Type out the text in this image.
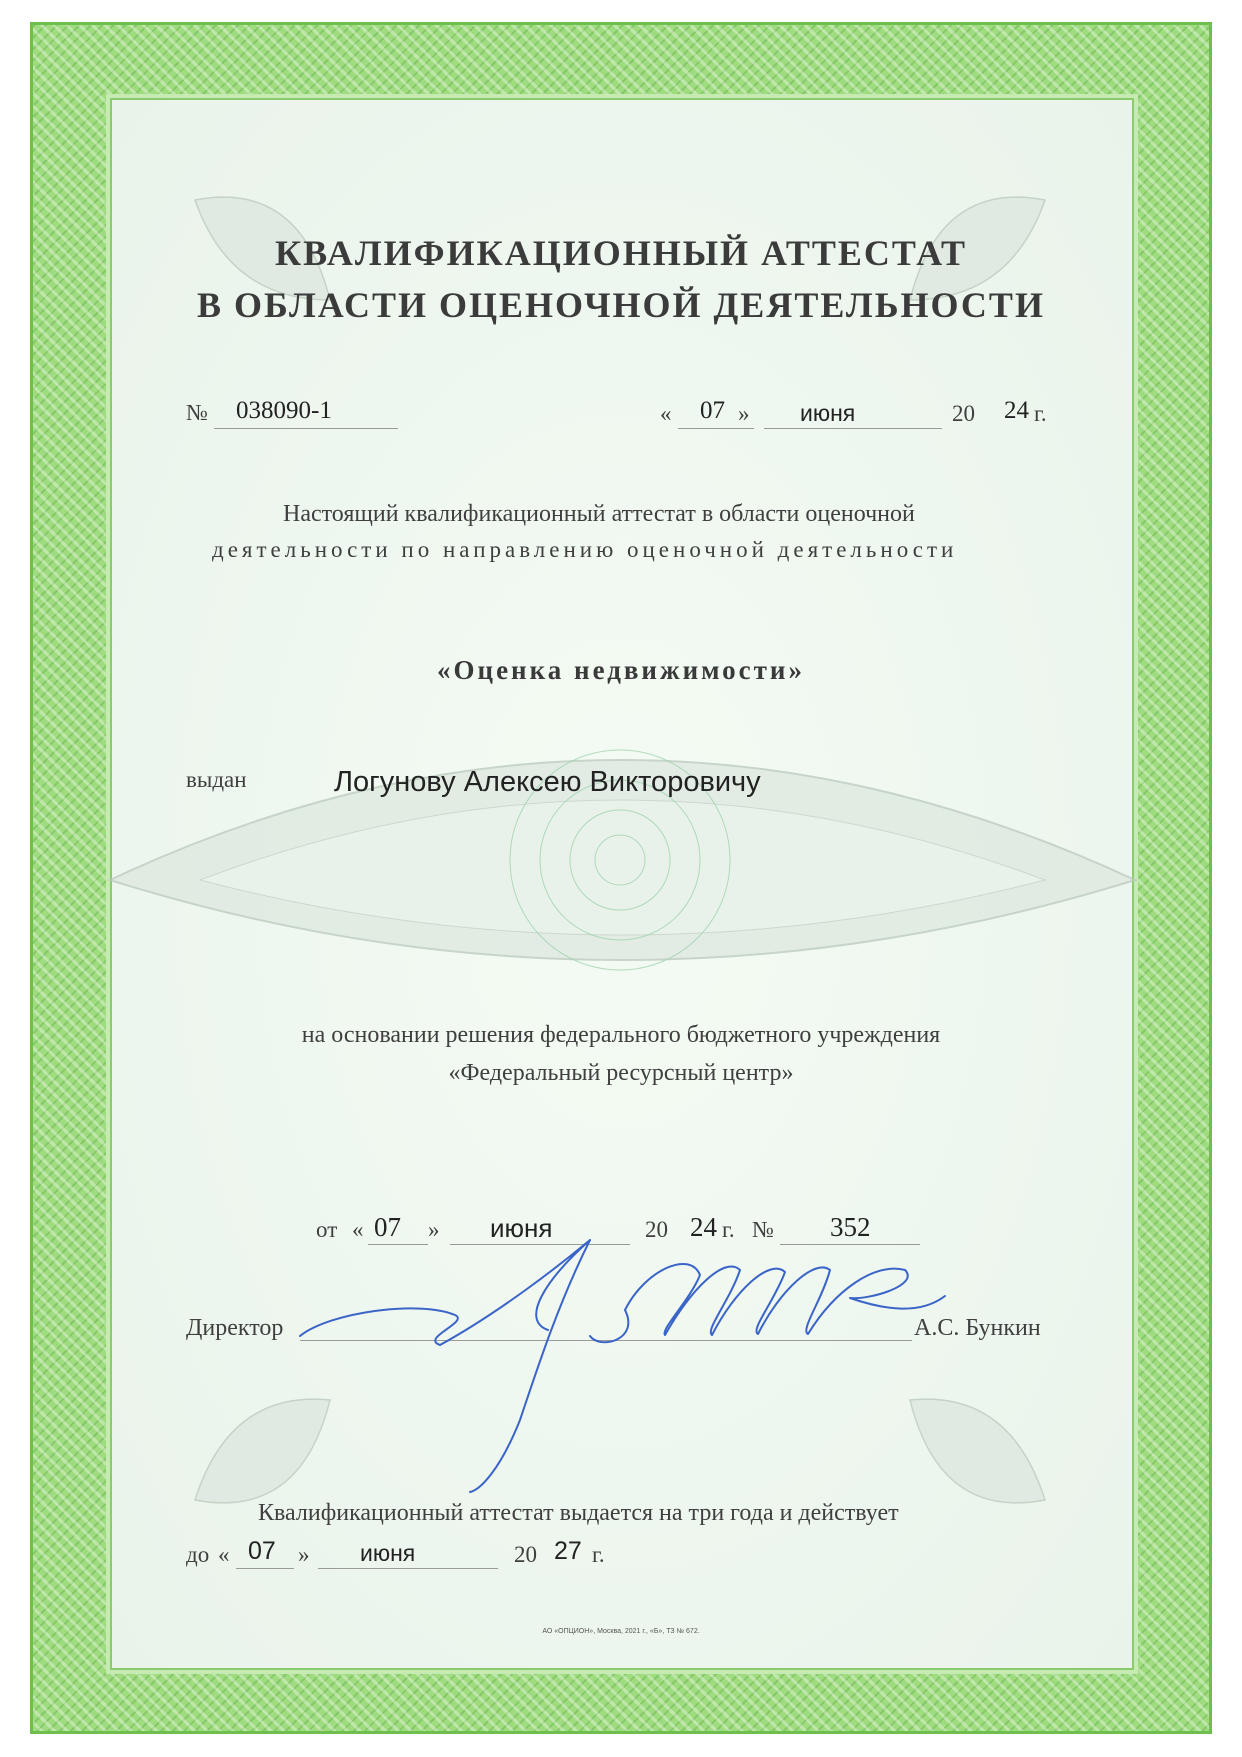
КВАЛИФИКАЦИОННЫЙ АТТЕСТАТ
В ОБЛАСТИ ОЦЕНОЧНОЙ ДЕЯТЕЛЬНОСТИ
№ 038090-1	« 07 » июня	20 24 г.
Настоящий квалификационный аттестат в области оценочной
деятельности по направлению оценочной деятельности
«Оценка недвижимости»
выдан	Логунову Алексею Викторовичу
на основании решения федерального бюджетного учреждения
«Федеральный ресурсный центр»
от « 07 » июня	20 24 г. № 352
Директор	А.С. Бункин
Квалификационный аттестат выдается на три года и действует
до « 07 » июня	20 27 г.
АО «ОПЦИОН», Москва, 2021 г., «Б», ТЗ № 672.
